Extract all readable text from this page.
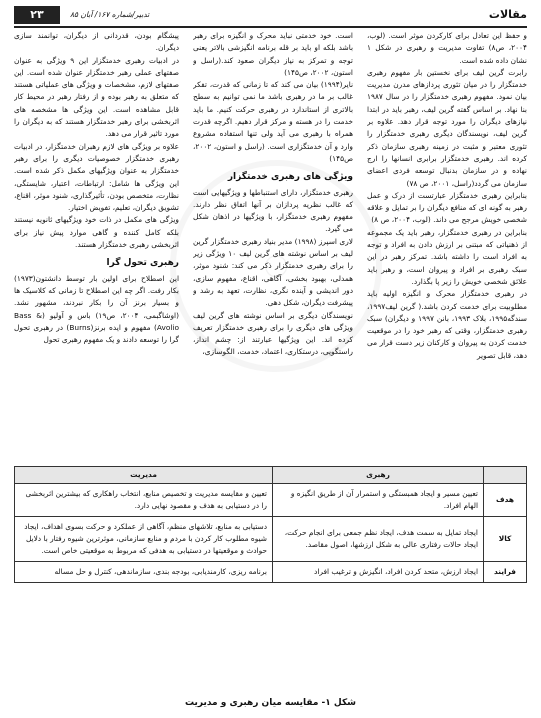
مقالات
تدبیر/شماره ۱۶۷/ آبان ۸۵
۲۳
◯

و حفظ این تعادل برای کارکردن موثر است. (لوب، ۲۰۰۴، ص۸) تفاوت مدیریت و رهبری در شکل ۱ نشان داده شده است.

رابرت گرین لیف برای نخستین بار مفهوم رهبری خدمتگزار را در میان تئوری پردازهای مدرن مدیریت بیان نمود. مفهوم رهبری خدمتگزار را در سال ۱۹۸۷ بنا نهاد. بر اساس گفته گرین لیف، رهبر باید در ابتدا نیازهای دیگران را مورد توجه قرار دهد. علاوه بر گرین لیف، نویسندگان دیگری رهبری خدمتگزار را تئوری معتبر و مثبت در زمینه رهبری سازمان ذکر کرده اند. رهبری خدمتگزار برابری انسانها را ارج نهاده و در سازمان بدنبال توسعه فردی اعضای سازمان می گردد(راسل، ۲۰۰۱، ص ۷۸)

بنابراین رهبری خدمتگزار عبارتست از درک و عمل رهبر به گونه ای که منافع دیگران را بر تمایل و علاقه شخصی خویش مرجح می داند. (لوب، ۲۰۰۴، ص ۸)

بنابراین در رهبری خدمتگزار، رهبر باید یک مجموعه از ذهنیاتی که مبتنی بر ارزش دادن به افراد و توجه به افراد است را داشته باشد. تمرکز رهبر در این سبک رهبری بر افراد و پیروان است، و رهبر باید علائق شخصی خویش را زیر پا بگذارد.

در رهبری خدمتگزار محرک و انگیزه اولیه باید مطلوبیت برای خدمت کردن باشد.( گرین لیف۱۹۹۷، سندگه۱۹۹۵، بلاک ۱۹۹۳، بانن ۱۹۹۷ و دیگران) سبک رهبری خدمتگزار، وقتی که رهبر خود را در موقعیت خدمت کردن به پیروان و کارکنان زیر دست قرار می دهد، قابل تصویر

است. خود خدمتی نباید محرک و انگیزه برای رهبر باشد بلکه او باید بر قله برنامه انگیزشی بالاتر یعنی توجه و تمرکز به نیاز دیگران صعود کند.(راسل و استون، ۲۰۰۲، ص۱۴۵)

نایر(۱۹۹۴) بیان می کند که تا زمانی که قدرت، تفکر غالب بر ما در رهبری باشد ما نمی توانیم به سطح بالاتری از استاندارد در رهبری حرکت کنیم. ما باید خدمت را در هسته و مرکز قرار دهیم. اگرچه قدرت همراه با رهبری می آید ولی تنها استفاده مشروع وارد و آن خدمتگزاری است. (راسل و استون، ۲۰۰۲، ص۱۴۵)

ویژگی های رهبری خدمتگزار

رهبری خدمتگزار، دارای استنباطها و ویژگیهایی است که غالب نظریه پردازان بر آنها اتفاق نظر دارند. مفهوم رهبری خدمتگزار، با ویژگیها در اذهان شکل می گیرد.

لاری اسپرز (۱۹۹۸) مدیر بنیاد رهبری خدمتگزار گرین لیف بر اساس نوشته های گرین لیف ۱۰ ویژگی زیر را برای رهبری خدمتگزار ذکر می کند: شنود موثر، همدلی، بهبود بخشی، آگاهی، اقناع، مفهوم سازی، دور اندیشی و آینده نگری، نظارت، تعهد به رشد و پیشرفت دیگران، شکل دهی.

نویسندگان دیگری بر اساس نوشته های گرین لیف ویژگی های دیگری را برای رهبری خدمتگزار تعریف کرده اند. این ویژگیها عبارتند از: چشم انداز، راستگویی، درستکاری، اعتماد، خدمت، الگوسازی،

پیشگام بودن، قدردانی از دیگران، توانمند سازی دیگران.

در ادبیات رهبری خدمتگزار این ۹ ویژگی به عنوان صفتهای عملی رهبر خدمتگزار عنوان شده است. این صفتهای لازم، مشخصات و ویژگی های عملیاتی هستند که متعلق به رهبر بوده و از رفتار رهبر در محیط کار قابل مشاهده است. این ویژگی ها مشخصه های اثربخشی برای رهبر خدمتگزار هستند که به دیگران را مورد تاثیر قرار می دهد.

علاوه بر ویژگی های لازم رهبران خدمتگزار، در ادبیات رهبری خدمتگزار خصوصیات دیگری را برای رهبر خدمتگزار به عنوان ویژگیهای مکمل ذکر شده است. این ویژگی ها شامل: ارتباطات، اعتبار، شایستگی، نظارت، متخصص بودن، تأثیرگذاری، شنود موثر، اقناع، تشویق دیگران، تعلیم، تفویض اختیار.

ویژگی های مکمل در ذات خود ویژگیهای ثانویه نیستند بلکه کامل کننده و گاهی موارد پیش نیاز برای اثربخشی رهبری خدمتگزار هستند.

رهبری تحول گرا

این اصطلاح برای اولین بار توسط دانشتون(۱۹۷۳) بکار رفت. اگر چه این اصطلاح تا زمانی که کلاسیک ها و بسیار برنز آن را بکار نبردند، مشهور نشد.(اوشاگبمی، ۲۰۰۴، ص۱۹) باس و آولیو (Bass & Avolio) مفهوم و ایده برنز(Burns) در رهبری تحول گرا را توسعه دادند و یک مفهوم رهبری تحول

	رهبری	مدیریت
هدف	تعیین مسیر و ایجاد همبستگی و استمرار آن از طریق انگیزه و الهام افراد.	تعیین و مقایسه مدیریت و تخصیص منابع، انتخاب راهکاری که بیشترین اثربخشی را در دستیابی به هدف و مقصود نهایی دارد.
کالا	ایجاد تمایل به سمت هدف، ایجاد نظم جمعی برای انجام حرکت، ایجاد حالات رفتاری عالی به شکل ارزشها، اصول مقاصد.	دستیابی به منابع، تلاشهای منظم، آگاهی از عملکرد و حرکت بسوی اهداف، ایجاد شیوه مطلوب کار کردن با مردم و منابع سازمانی، موثرترین شیوه رفتار با دلایل حوادث و موقعیتها در دستیابی به هدفی که مربوط به موقعیتی خاص است.
فرایند	ایجاد ارزش، متحد کردن افراد، انگیزش و ترغیب افراد	برنامه ریزی، کارمندیابی، بودجه بندی، سازماندهی، کنترل و حل مساله
شکل ۱- مقایسه میان رهبری و مدیریت
